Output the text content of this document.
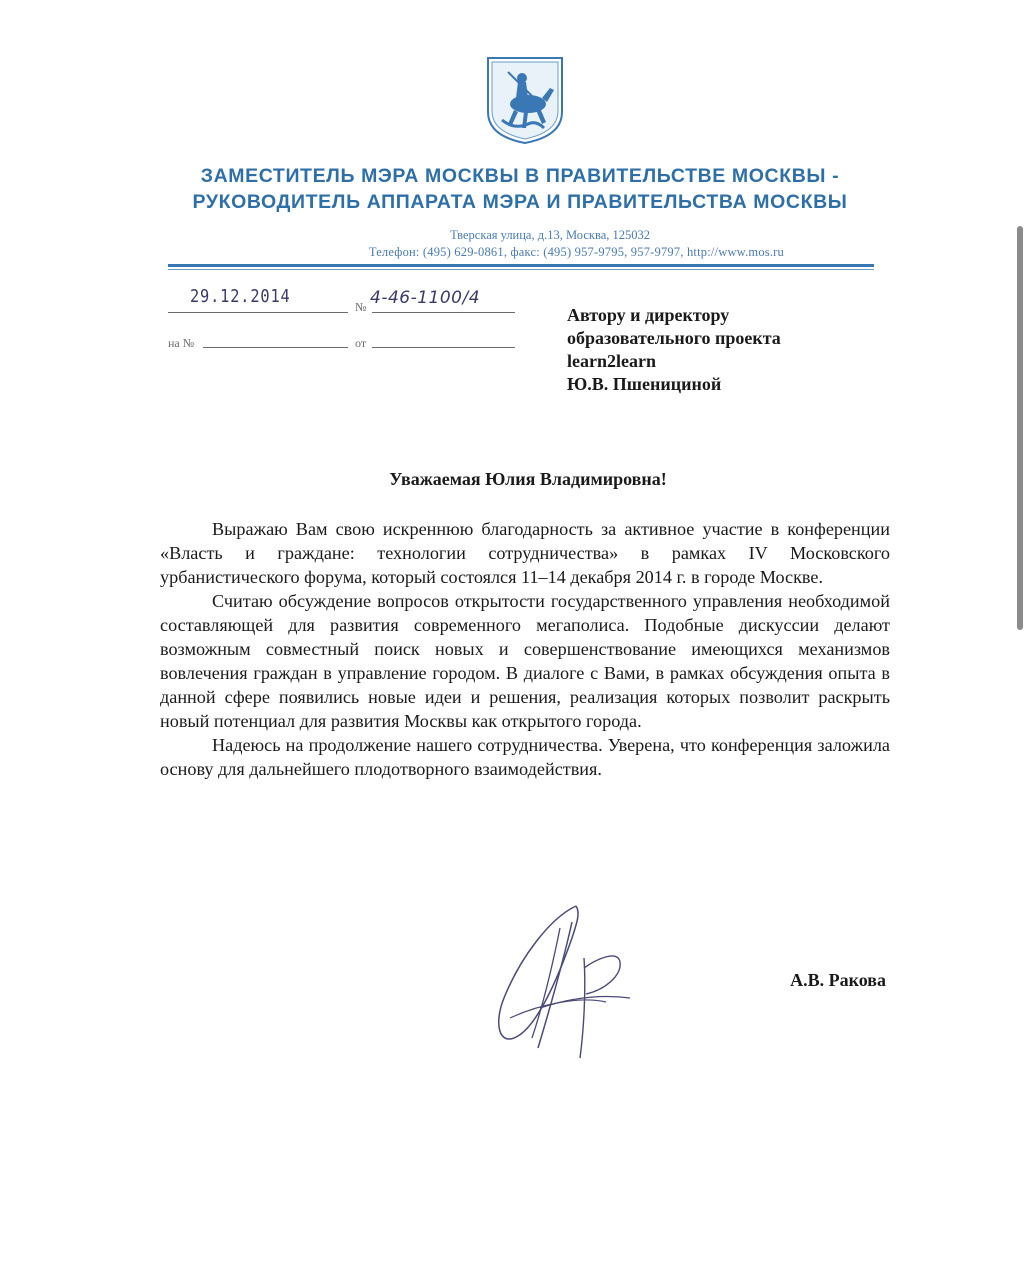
ЗАМЕСТИТЕЛЬ МЭРА МОСКВЫ В ПРАВИТЕЛЬСТВЕ МОСКВЫ -
РУКОВОДИТЕЛЬ АППАРАТА МЭРА И ПРАВИТЕЛЬСТВА МОСКВЫ
Тверская улица, д.13, Москва, 125032
Телефон: (495) 629-0861, факс: (495) 957-9795, 957-9797, http://www.mos.ru
29.12.2014	№ 4-46-1100/4
на №	от
Автору и директору
образовательного проекта
learn2learn
Ю.В. Пшенициной
Уважаемая Юлия Владимировна!

Выражаю Вам свою искреннюю благодарность за активное участие в конференции «Власть и граждане: технологии сотрудничества» в рамках IV Московского урбанистического форума, который состоялся 11–14 декабря 2014 г. в городе Москве.

Считаю обсуждение вопросов открытости государственного управления необходимой составляющей для развития современного мегаполиса. Подобные дискуссии делают возможным совместный поиск новых и совершенствование имеющихся механизмов вовлечения граждан в управление городом. В диалоге с Вами, в рамках обсуждения опыта в данной сфере появились новые идеи и решения, реализация которых позволит раскрыть новый потенциал для развития Москвы как открытого города.

Надеюсь на продолжение нашего сотрудничества. Уверена, что конференция заложила основу для дальнейшего плодотворного взаимодействия.

А.В. Ракова
